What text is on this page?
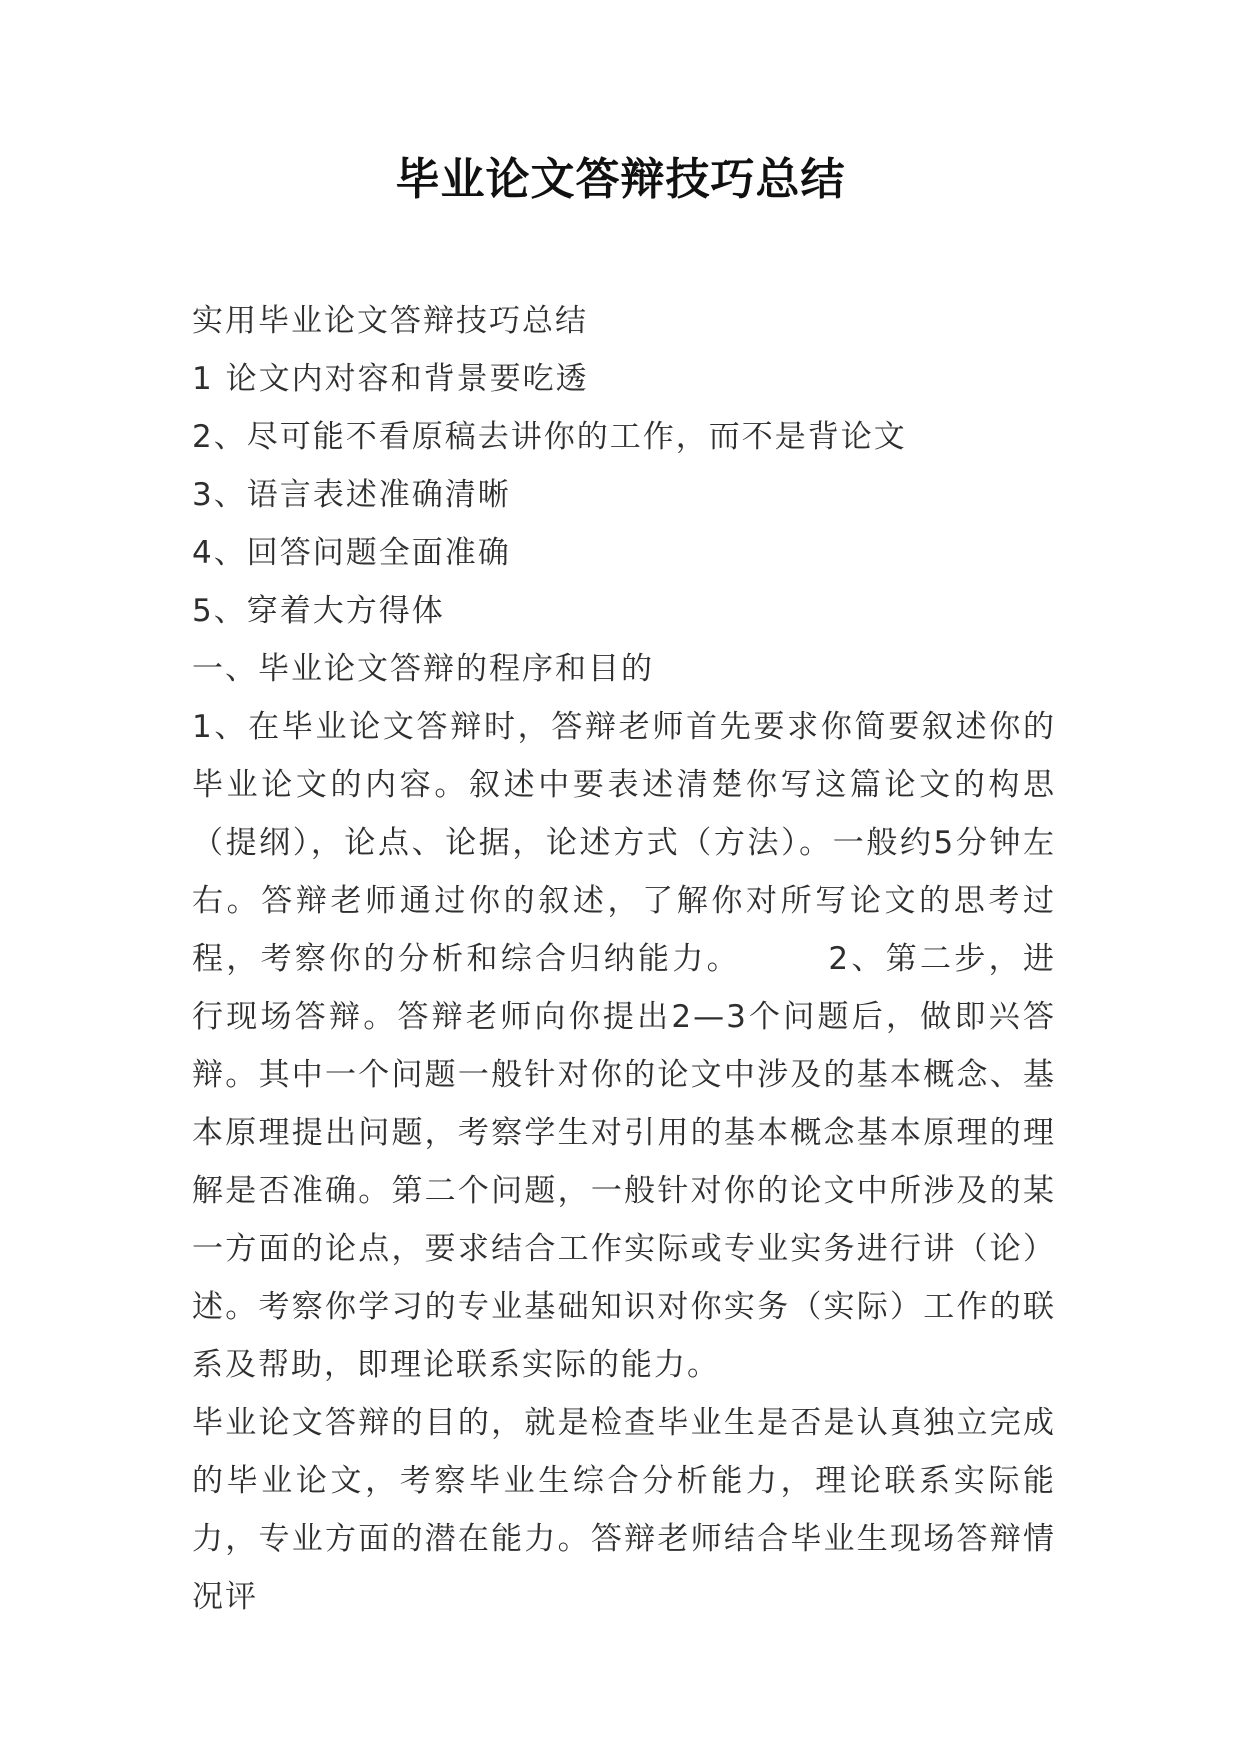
毕业论文答辩技巧总结

实用毕业论文答辩技巧总结

1 论文内对容和背景要吃透

2、尽可能不看原稿去讲你的工作，而不是背论文

3、语言表述准确清晰

4、回答问题全面准确

5、穿着大方得体

一、毕业论文答辩的程序和目的

1、在毕业论文答辩时，答辩老师首先要求你简要叙述你的毕业论文的内容。叙述中要表述清楚你写这篇论文的构思（提纲），论点、论据，论述方式（方法）。一般约5分钟左右。答辩老师通过你的叙述，了解你对所写论文的思考过程，考察你的分析和综合归纳能力。　　　2、第二步，进行现场答辩。答辩老师向你提出2—3个问题后，做即兴答辩。其中一个问题一般针对你的论文中涉及的基本概念、基本原理提出问题，考察学生对引用的基本概念基本原理的理解是否准确。第二个问题，一般针对你的论文中所涉及的某一方面的论点，要求结合工作实际或专业实务进行讲（论）述。考察你学习的专业基础知识对你实务（实际）工作的联系及帮助，即理论联系实际的能力。

毕业论文答辩的目的，就是检查毕业生是否是认真独立完成的毕业论文，考察毕业生综合分析能力，理论联系实际能力，专业方面的潜在能力。答辩老师结合毕业生现场答辩情况评
